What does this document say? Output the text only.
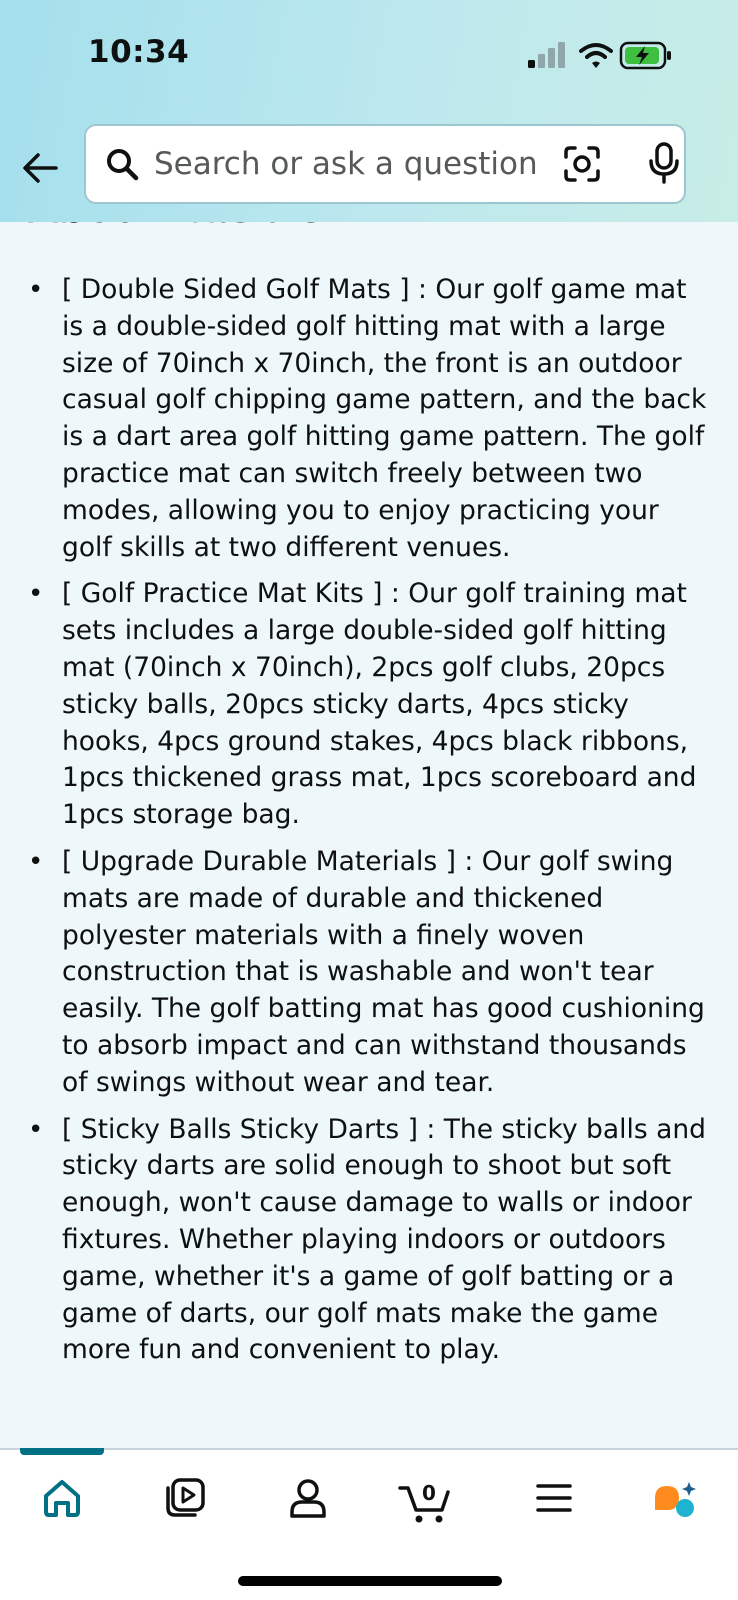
10:34
Search or ask a question
• [ Double Sided Golf Mats ] : Our golf game mat is a double-sided golf hitting mat with a large size of 70inch x 70inch, the front is an outdoor casual golf chipping game pattern, and the back is a dart area golf hitting game pattern. The golf practice mat can switch freely between two modes, allowing you to enjoy practicing your golf skills at two different venues.
• [ Golf Practice Mat Kits ] : Our golf training mat sets includes a large double-sided golf hitting mat (70inch x 70inch), 2pcs golf clubs, 20pcs sticky balls, 20pcs sticky darts, 4pcs sticky hooks, 4pcs ground stakes, 4pcs black ribbons, 1pcs thickened grass mat, 1pcs scoreboard and 1pcs storage bag.
• [ Upgrade Durable Materials ] : Our golf swing mats are made of durable and thickened polyester materials with a finely woven construction that is washable and won't tear easily. The golf batting mat has good cushioning to absorb impact and can withstand thousands of swings without wear and tear.
• [ Sticky Balls Sticky Darts ] : The sticky balls and sticky darts are solid enough to shoot but soft enough, won't cause damage to walls or indoor fixtures. Whether playing indoors or outdoors game, whether it's a game of golf batting or a game of darts, our golf mats make the game more fun and convenient to play.
0
